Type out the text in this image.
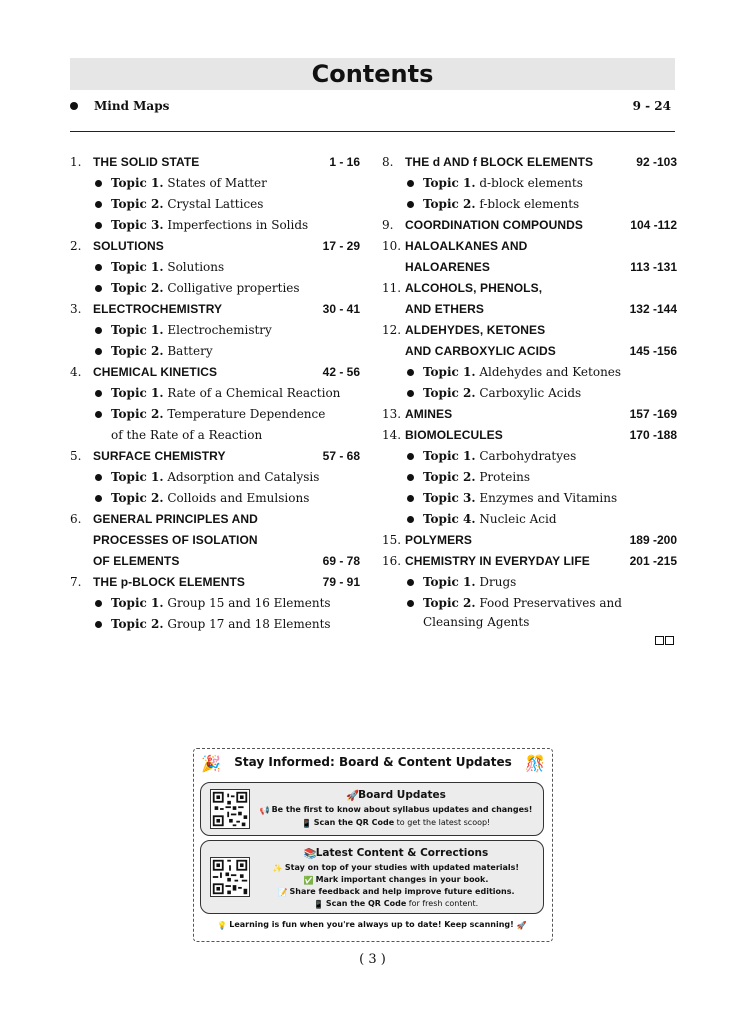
Contents
Mind Maps	9 - 24
1. THE SOLID STATE	1 - 16
Topic 1. States of Matter
Topic 2. Crystal Lattices
Topic 3. Imperfections in Solids
2. SOLUTIONS	17 - 29
Topic 1. Solutions
Topic 2. Colligative properties
3. ELECTROCHEMISTRY	30 - 41
Topic 1. Electrochemistry
Topic 2. Battery
4. CHEMICAL KINETICS	42 - 56
Topic 1. Rate of a Chemical Reaction
Topic 2. Temperature Dependence
of the Rate of a Reaction
5. SURFACE CHEMISTRY	57 - 68
Topic 1. Adsorption and Catalysis
Topic 2. Colloids and Emulsions
6. GENERAL PRINCIPLES AND
PROCESSES OF ISOLATION
OF ELEMENTS	69 - 78
7. THE p-BLOCK ELEMENTS	79 - 91
Topic 1. Group 15 and 16 Elements
Topic 2. Group 17 and 18 Elements
8. THE d AND f BLOCK ELEMENTS	92 -103
Topic 1. d-block elements
Topic 2. f-block elements
9. COORDINATION COMPOUNDS	104 -112
10. HALOALKANES AND
HALOARENES	113 -131
11. ALCOHOLS, PHENOLS,
AND ETHERS	132 -144
12. ALDEHYDES, KETONES
AND CARBOXYLIC ACIDS	145 -156
Topic 1. Aldehydes and Ketones
Topic 2. Carboxylic Acids
13. AMINES	157 -169
14. BIOMOLECULES	170 -188
Topic 1. Carbohydratyes
Topic 2. Proteins
Topic 3. Enzymes and Vitamins
Topic 4. Nucleic Acid
15. POLYMERS	189 -200
16. CHEMISTRY IN EVERYDAY LIFE	201 -215
Topic 1. Drugs
Topic 2. Food Preservatives and Cleansing Agents
🎉	🎊
Stay Informed: Board & Content Updates
🚀Board Updates
📢 Be the first to know about syllabus updates and changes!
📱 Scan the QR Code to get the latest scoop!
📚Latest Content & Corrections
✨ Stay on top of your studies with updated materials!
✅ Mark important changes in your book.
📝 Share feedback and help improve future editions.
📱 Scan the QR Code for fresh content.
💡 Learning is fun when you're always up to date! Keep scanning! 🚀
( 3 )
